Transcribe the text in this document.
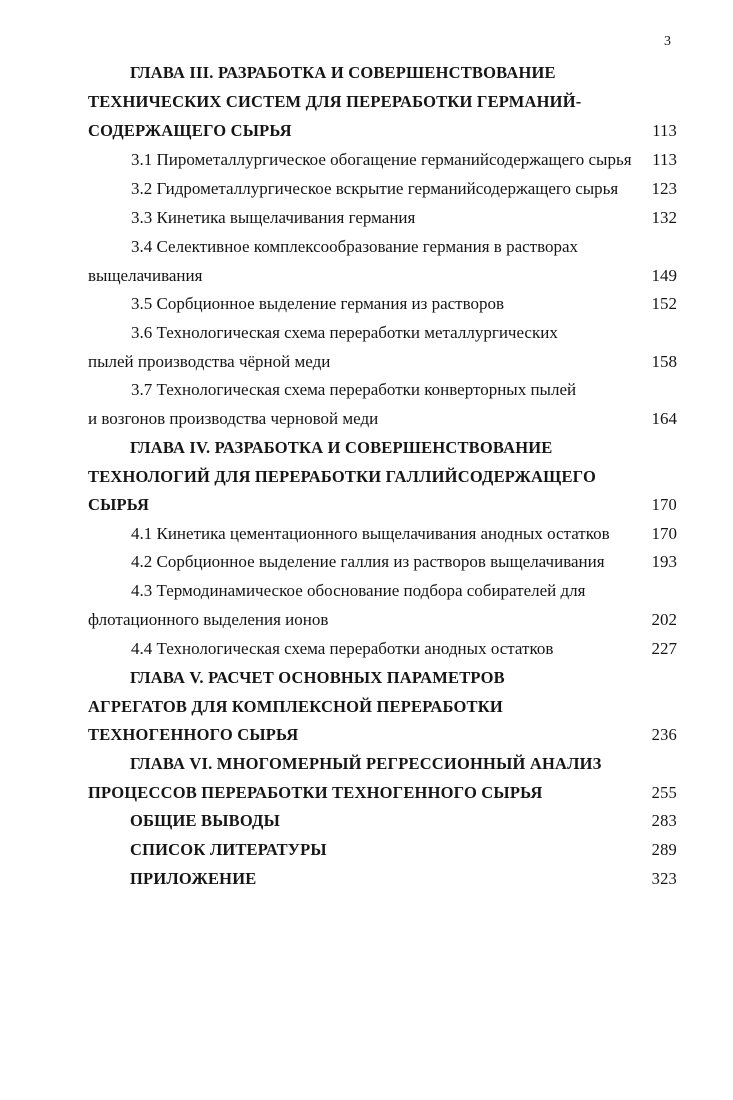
3
ГЛАВА III. РАЗРАБОТКА И СОВЕРШЕНСТВОВАНИЕ
ТЕХНИЧЕСКИХ СИСТЕМ ДЛЯ ПЕРЕРАБОТКИ ГЕРМАНИЙ-
СОДЕРЖАЩЕГО СЫРЬЯ	113
3.1 Пирометаллургическое обогащение германийсодержащего сырья	113
3.2 Гидрометаллургическое вскрытие германийсодержащего сырья	123
3.3 Кинетика выщелачивания германия	132
3.4 Селективное комплексообразование германия в растворах
выщелачивания	149
3.5 Сорбционное выделение германия из растворов	152
3.6 Технологическая схема переработки металлургических
пылей производства чёрной меди	158
3.7 Технологическая схема переработки конверторных пылей
и возгонов производства черновой меди	164
ГЛАВА IV. РАЗРАБОТКА И СОВЕРШЕНСТВОВАНИЕ
ТЕХНОЛОГИЙ ДЛЯ ПЕРЕРАБОТКИ ГАЛЛИЙСОДЕРЖАЩЕГО
СЫРЬЯ	170
4.1 Кинетика цементационного выщелачивания анодных остатков	170
4.2 Сорбционное выделение галлия из растворов выщелачивания	193
4.3 Термодинамическое обоснование подбора собирателей для
флотационного выделения ионов	202
4.4 Технологическая схема переработки анодных остатков	227
ГЛАВА V. РАСЧЕТ ОСНОВНЫХ ПАРАМЕТРОВ
АГРЕГАТОВ ДЛЯ КОМПЛЕКСНОЙ ПЕРЕРАБОТКИ
ТЕХНОГЕННОГО СЫРЬЯ	236
ГЛАВА VI. МНОГОМЕРНЫЙ РЕГРЕССИОННЫЙ АНАЛИЗ
ПРОЦЕССОВ ПЕРЕРАБОТКИ ТЕХНОГЕННОГО СЫРЬЯ	255
ОБЩИЕ ВЫВОДЫ	283
СПИСОК ЛИТЕРАТУРЫ	289
ПРИЛОЖЕНИЕ	323
